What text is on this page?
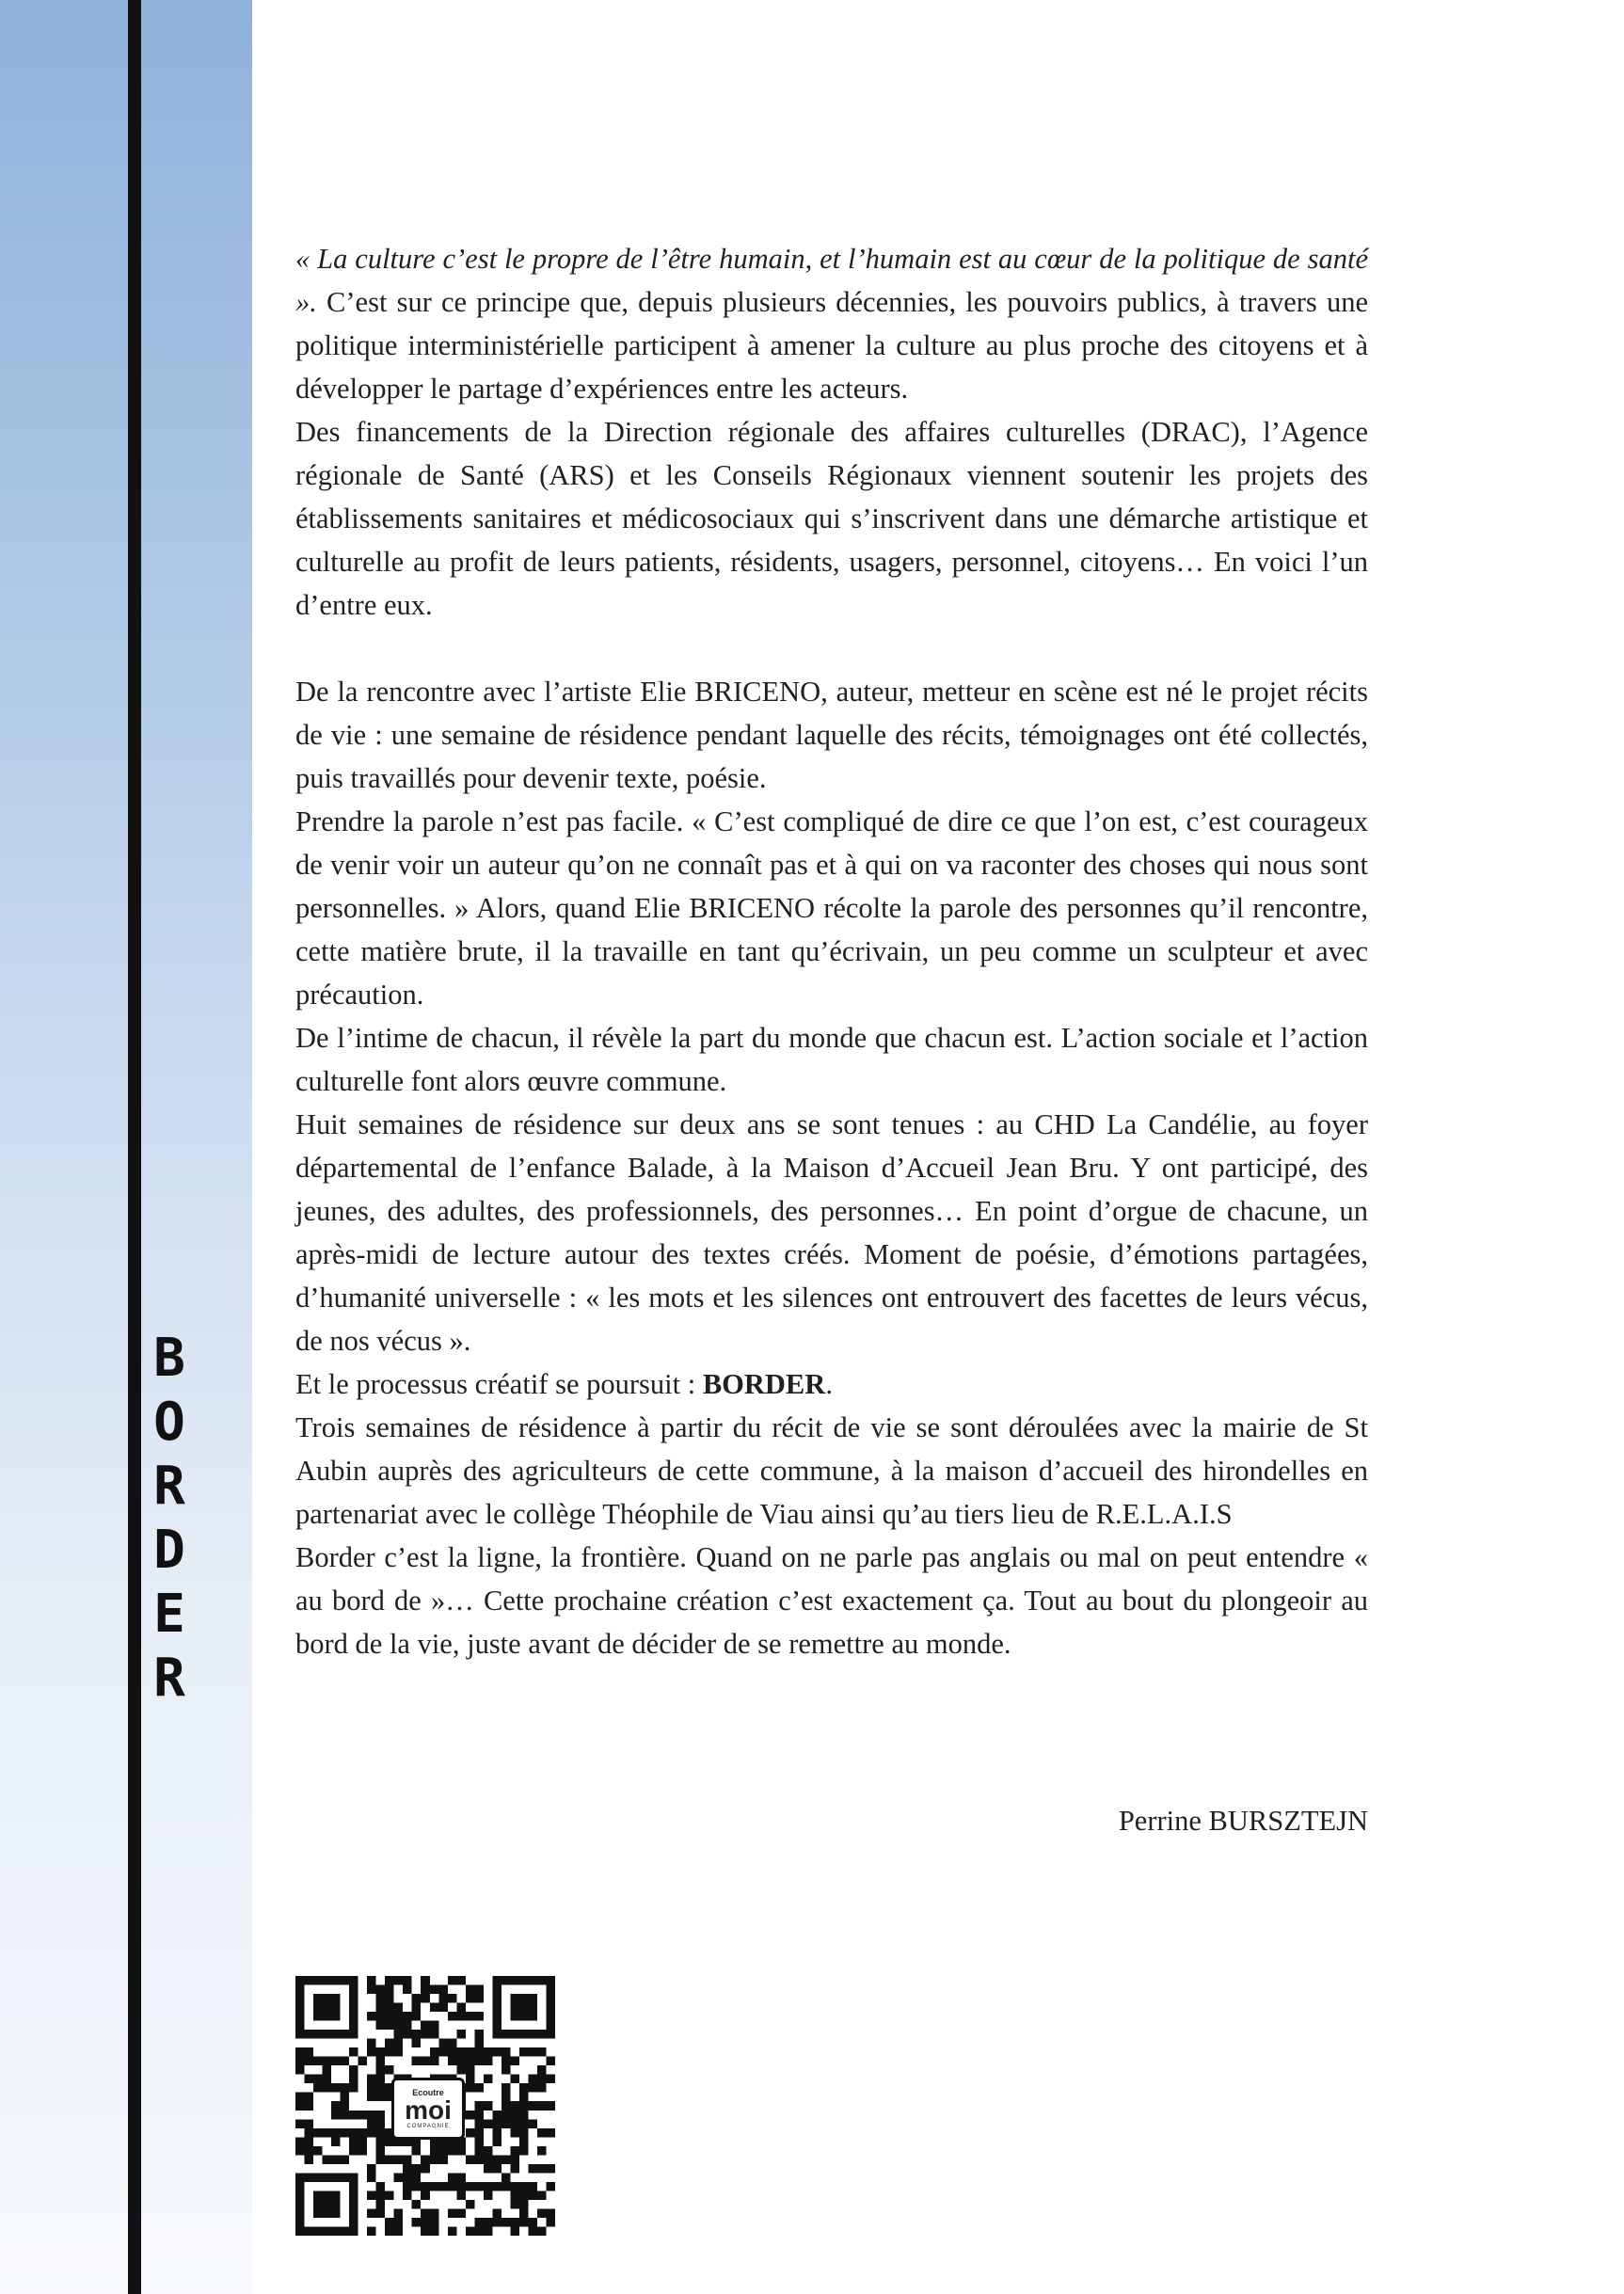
B
O
R
D
E
R

« La culture c’est le propre de l’être humain, et l’humain est au cœur de la politique de santé ». C’est sur ce principe que, depuis plusieurs décennies, les pouvoirs publics, à travers une politique interministérielle participent à amener la culture au plus proche des citoyens et à développer le partage d’expériences entre les acteurs.

Des financements de la Direction régionale des affaires culturelles (DRAC), l’Agence régionale de Santé (ARS) et les Conseils Régionaux viennent soutenir les projets des établissements sanitaires et médicosociaux qui s’inscrivent dans une démarche artistique et culturelle au profit de leurs patients, résidents, usagers, personnel, citoyens… En voici l’un d’entre eux.

De la rencontre avec l’artiste Elie BRICENO, auteur, metteur en scène est né le projet récits de vie : une semaine de résidence pendant laquelle des récits, témoignages ont été collectés, puis travaillés pour devenir texte, poésie.

Prendre la parole n’est pas facile. « C’est compliqué de dire ce que l’on est, c’est courageux de venir voir un auteur qu’on ne connaît pas et à qui on va raconter des choses qui nous sont personnelles. » Alors, quand Elie BRICENO récolte la parole des personnes qu’il rencontre, cette matière brute, il la travaille en tant qu’écrivain, un peu comme un sculpteur et avec précaution.

De l’intime de chacun, il révèle la part du monde que chacun est. L’action sociale et l’action culturelle font alors œuvre commune.

Huit semaines de résidence sur deux ans se sont tenues : au CHD La Candélie, au foyer départemental de l’enfance Balade, à la Maison d’Accueil Jean Bru. Y ont participé, des jeunes, des adultes, des professionnels, des personnes… En point d’orgue de chacune, un après-midi de lecture autour des textes créés. Moment de poésie, d’émotions partagées, d’humanité universelle : « les mots et les silences ont entrouvert des facettes de leurs vécus, de nos vécus ».

Et le processus créatif se poursuit : BORDER.

Trois semaines de résidence à partir du récit de vie se sont déroulées avec la mairie de St Aubin auprès des agriculteurs de cette commune, à la maison d’accueil des hirondelles en partenariat avec le collège Théophile de Viau ainsi qu’au tiers lieu de R.E.L.A.I.S

Border c’est la ligne, la frontière. Quand on ne parle pas anglais ou mal on peut entendre « au bord de »… Cette prochaine création c’est exactement ça. Tout au bout du plongeoir au bord de la vie, juste avant de décider de se remettre au monde.

Perrine BURSZTEJN
Ecoutre
moi
COMPAGNIE
